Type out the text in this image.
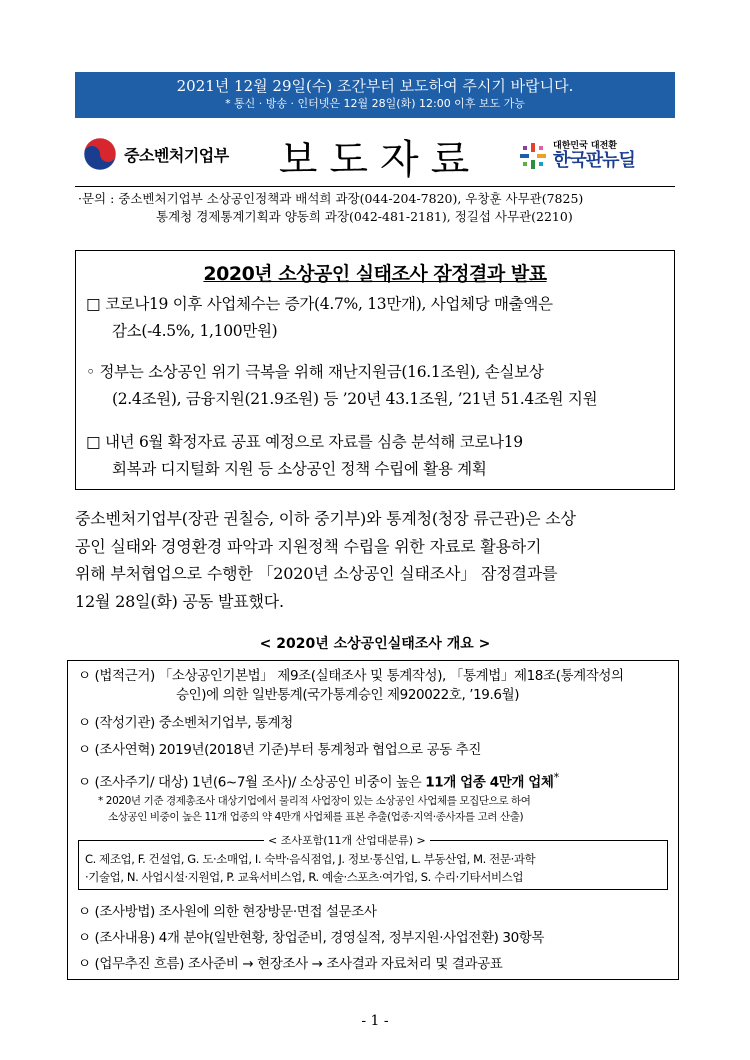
2021년 12월 29일(수) 조간부터 보도하여 주시기 바랍니다.
* 통신 · 방송 · 인터넷은 12월 28일(화) 12:00 이후 보도 가능
중소벤처기업부 보도자료	대한민국 대전환
한국판뉴딜
·문의 : 중소벤처기업부 소상공인정책과 배석희 과장(044-204-7820), 우창훈 사무관(7825)
통계청 경제통계기획과 양동희 과장(042-481-2181), 정길섭 사무관(2210)
2020년 소상공인 실태조사 잠정결과 발표
□ 코로나19 이후 사업체수는 증가(4.7%, 13만개), 사업체당 매출액은
감소(-4.5%, 1,100만원)
◦ 정부는 소상공인 위기 극복을 위해 재난지원금(16.1조원), 손실보상
(2.4조원), 금융지원(21.9조원) 등 ’20년 43.1조원, ’21년 51.4조원 지원
□ 내년 6월 확정자료 공표 예정으로 자료를 심층 분석해 코로나19
회복과 디지털화 지원 등 소상공인 정책 수립에 활용 계획
중소벤처기업부(장관 권칠승, 이하 중기부)와 통계청(청장 류근관)은 소상
공인 실태와 경영환경 파악과 지원정책 수립을 위한 자료로 활용하기
위해 부처협업으로 수행한 「2020년 소상공인 실태조사」 잠정결과를
12월 28일(화) 공동 발표했다.
< 2020년 소상공인실태조사 개요 >
ㅇ (법적근거) 「소상공인기본법」 제9조(실태조사 및 통계작성), 「통계법」제18조(통계작성의
승인)에 의한 일반통계(국가통계승인 제920022호, ’19.6월)
ㅇ (작성기관) 중소벤처기업부, 통계청
ㅇ (조사연혁) 2019년(2018년 기준)부터 통계청과 협업으로 공동 추진
ㅇ (조사주기/ 대상) 1년(6~7월 조사)/ 소상공인 비중이 높은 11개 업종 4만개 업체*
* 2020년 기준 경제총조사 대상기업에서 물리적 사업장이 있는 소상공인 사업체를 모집단으로 하여
소상공인 비중이 높은 11개 업종의 약 4만개 사업체를 표본 추출(업종·지역·종사자를 고려 산출)
< 조사포함(11개 산업대분류) >
C. 제조업, F. 건설업, G. 도·소매업, I. 숙박·음식점업, J. 정보·통신업, L. 부동산업, M. 전문·과학
·기술업, N. 사업시설·지원업, P. 교육서비스업, R. 예술·스포츠·여가업, S. 수리·기타서비스업
ㅇ (조사방법) 조사원에 의한 현장방문·면접 설문조사
ㅇ (조사내용) 4개 분야(일반현황, 창업준비, 경영실적, 정부지원·사업전환) 30항목
ㅇ (업무추진 흐름) 조사준비 → 현장조사 → 조사결과 자료처리 및 결과공표
- 1 -
